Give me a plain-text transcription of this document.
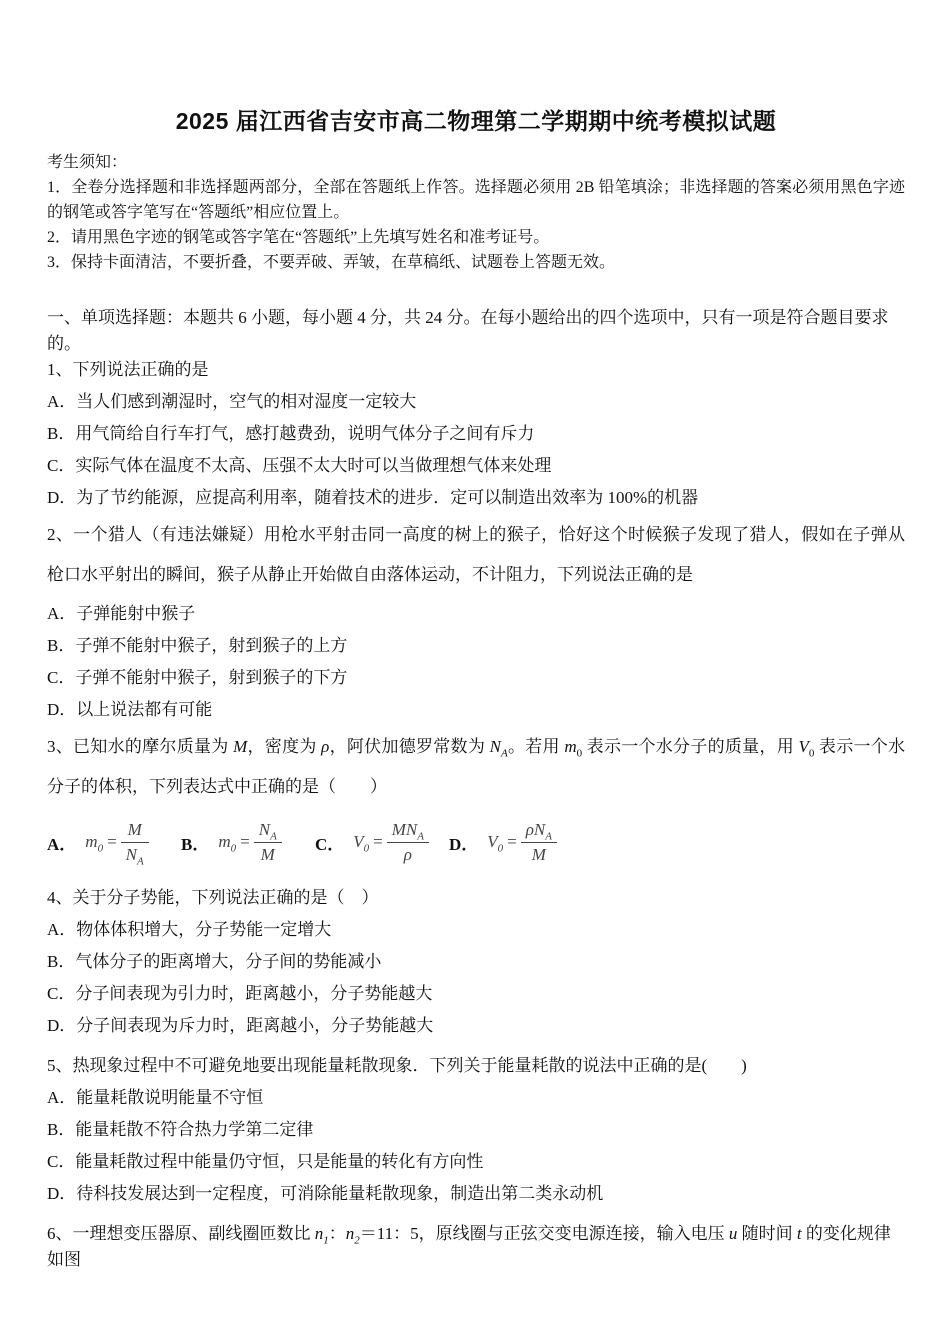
2025 届江西省吉安市高二物理第二学期期中统考模拟试题

考生须知：

1．全卷分选择题和非选择题两部分，全部在答题纸上作答。选择题必须用 2B 铅笔填涂；非选择题的答案必须用黑色字迹的钢笔或答字笔写在“答题纸”相应位置上。

2．请用黑色字迹的钢笔或答字笔在“答题纸”上先填写姓名和准考证号。

3．保持卡面清洁，不要折叠，不要弄破、弄皱，在草稿纸、试题卷上答题无效。

一、单项选择题：本题共 6 小题，每小题 4 分，共 24 分。在每小题给出的四个选项中，只有一项是符合题目要求的。

1、下列说法正确的是

A．当人们感到潮湿时，空气的相对湿度一定较大

B．用气筒给自行车打气，感打越费劲，说明气体分子之间有斥力

C．实际气体在温度不太高、压强不太大时可以当做理想气体来处理

D．为了节约能源，应提高利用率，随着技术的进步．定可以制造出效率为 100%的机器

2、一个猎人（有违法嫌疑）用枪水平射击同一高度的树上的猴子，恰好这个时候猴子发现了猎人，假如在子弹从枪口水平射出的瞬间，猴子从静止开始做自由落体运动，不计阻力，下列说法正确的是

A．子弹能射中猴子

B．子弹不能射中猴子，射到猴子的上方

C．子弹不能射中猴子，射到猴子的下方

D．以上说法都有可能

3、已知水的摩尔质量为 M，密度为 ρ，阿伏加德罗常数为 $N_A$。若用 $m_0$ 表示一个水分子的质量，用 $V_0$ 表示一个水分子的体积，下列表达式中正确的是（　　）

A． $m_0 = \frac{M}{N_A}$ B． $m_0 = \frac{N_A}{M}$ C． $V_0 = \frac{MN_A}{\rho}$ D． $V_0 = \frac{\rho N_A}{M}$

4、关于分子势能，下列说法正确的是（　）

A．物体体积增大，分子势能一定增大

B．气体分子的距离增大，分子间的势能减小

C．分子间表现为引力时，距离越小，分子势能越大

D．分子间表现为斥力时，距离越小，分子势能越大

5、热现象过程中不可避免地要出现能量耗散现象．下列关于能量耗散的说法中正确的是(　　)

A．能量耗散说明能量不守恒

B．能量耗散不符合热力学第二定律

C．能量耗散过程中能量仍守恒，只是能量的转化有方向性

D．待科技发展达到一定程度，可消除能量耗散现象，制造出第二类永动机

6、一理想变压器原、副线圈匝数比 $n_1$：$n_2=11$：5，原线圈与正弦交变电源连接，输入电压 u 随时间 t 的变化规律如图
